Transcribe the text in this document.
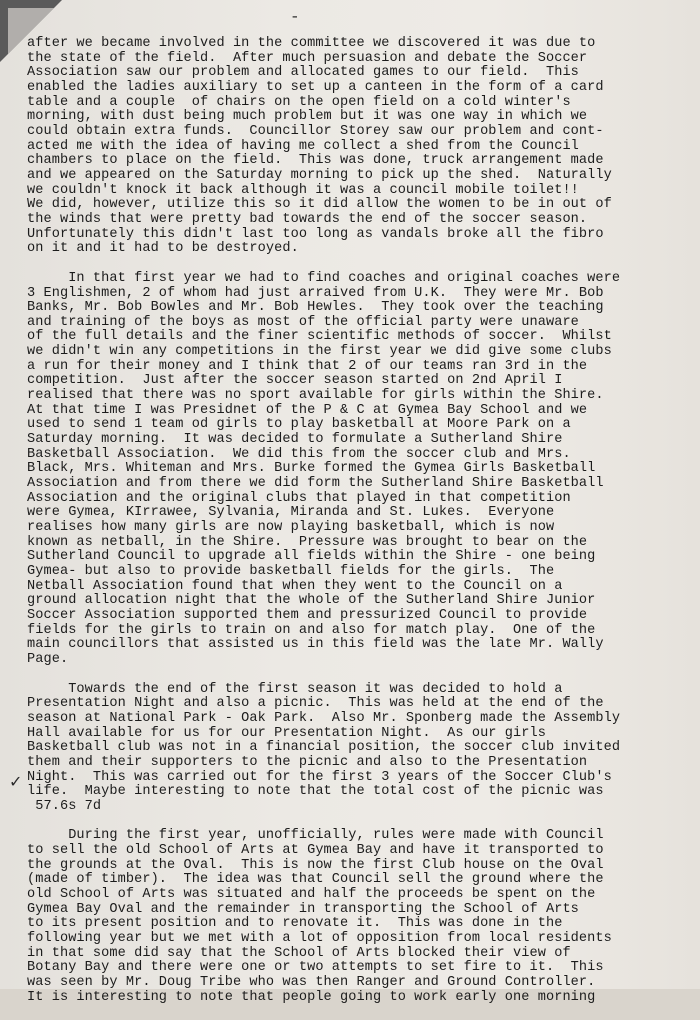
-
✓
after we became involved in the committee we discovered it was due to
the state of the field.  After much persuasion and debate the Soccer
Association saw our problem and allocated games to our field.  This
enabled the ladies auxiliary to set up a canteen in the form of a card
table and a couple  of chairs on the open field on a cold winter's
morning, with dust being much problem but it was one way in which we
could obtain extra funds.  Councillor Storey saw our problem and cont-
acted me with the idea of having me collect a shed from the Council
chambers to place on the field.  This was done, truck arrangement made
and we appeared on the Saturday morning to pick up the shed.  Naturally
we couldn't knock it back although it was a council mobile toilet!!
We did, however, utilize this so it did allow the women to be in out of
the winds that were pretty bad towards the end of the soccer season.
Unfortunately this didn't last too long as vandals broke all the fibro
on it and it had to be destroyed.
In that first year we had to find coaches and original coaches were
3 Englishmen, 2 of whom had just arraived from U.K.  They were Mr. Bob
Banks, Mr. Bob Bowles and Mr. Bob Hewles.  They took over the teaching
and training of the boys as most of the official party were unaware
of the full details and the finer scientific methods of soccer.  Whilst
we didn't win any competitions in the first year we did give some clubs
a run for their money and I think that 2 of our teams ran 3rd in the
competition.  Just after the soccer season started on 2nd April I
realised that there was no sport available for girls within the Shire.
At that time I was Presidnet of the P & C at Gymea Bay School and we
used to send 1 team od girls to play basketball at Moore Park on a
Saturday morning.  It was decided to formulate a Sutherland Shire
Basketball Association.  We did this from the soccer club and Mrs.
Black, Mrs. Whiteman and Mrs. Burke formed the Gymea Girls Basketball
Association and from there we did form the Sutherland Shire Basketball
Association and the original clubs that played in that competition
were Gymea, KIrrawee, Sylvania, Miranda and St. Lukes.  Everyone
realises how many girls are now playing basketball, which is now
known as netball, in the Shire.  Pressure was brought to bear on the
Sutherland Council to upgrade all fields within the Shire - one being
Gymea- but also to provide basketball fields for the girls.  The
Netball Association found that when they went to the Council on a
ground allocation night that the whole of the Sutherland Shire Junior
Soccer Association supported them and pressurized Council to provide
fields for the girls to train on and also for match play.  One of the
main councillors that assisted us in this field was the late Mr. Wally
Page.
Towards the end of the first season it was decided to hold a
Presentation Night and also a picnic.  This was held at the end of the
season at National Park - Oak Park.  Also Mr. Sponberg made the Assembly
Hall available for us for our Presentation Night.  As our girls
Basketball club was not in a financial position, the soccer club invited
them and their supporters to the picnic and also to the Presentation
Night.  This was carried out for the first 3 years of the Soccer Club's
life.  Maybe interesting to note that the total cost of the picnic was
57.6s 7d
During the first year, unofficially, rules were made with Council
to sell the old School of Arts at Gymea Bay and have it transported to
the grounds at the Oval.  This is now the first Club house on the Oval
(made of timber).  The idea was that Council sell the ground where the
old School of Arts was situated and half the proceeds be spent on the
Gymea Bay Oval and the remainder in transporting the School of Arts
to its present position and to renovate it.  This was done in the
following year but we met with a lot of opposition from local residents
in that some did say that the School of Arts blocked their view of
Botany Bay and there were one or two attempts to set fire to it.  This
was seen by Mr. Doug Tribe who was then Ranger and Ground Controller.
It is interesting to note that people going to work early one morning
